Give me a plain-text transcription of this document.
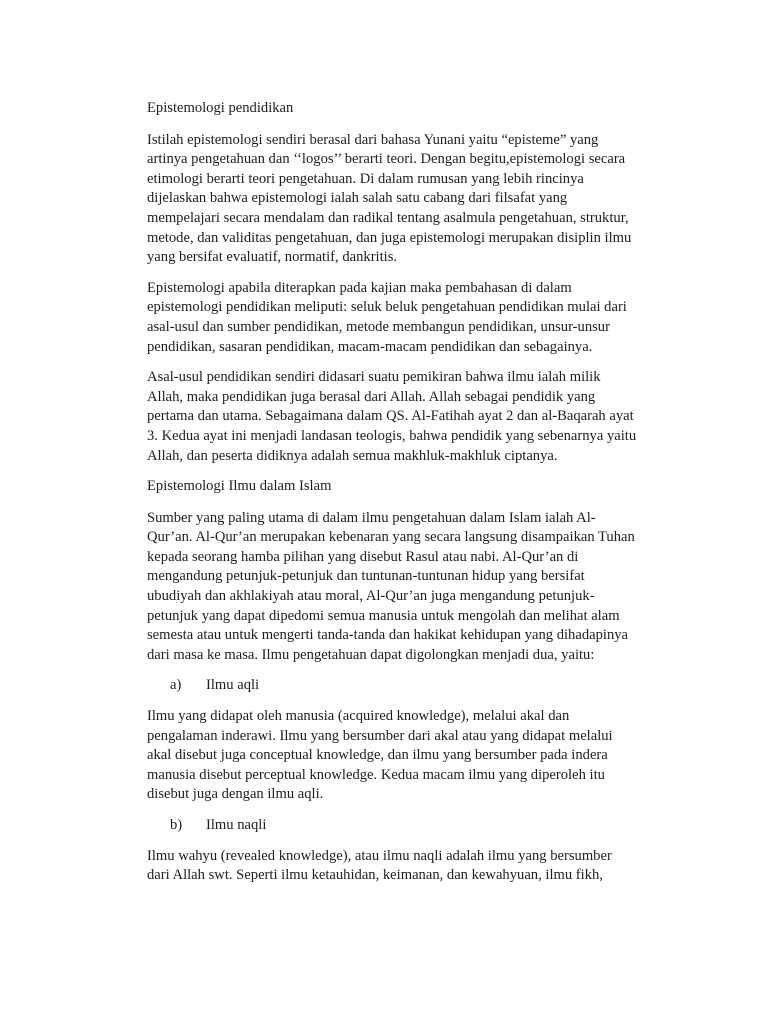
Epistemologi pendidikan

Istilah epistemologi sendiri berasal dari bahasa Yunani yaitu “episteme” yang artinya pengetahuan dan ‘‘logos’’ berarti teori. Dengan begitu,epistemologi secara etimologi berarti teori pengetahuan. Di dalam rumusan yang lebih rincinya dijelaskan bahwa epistemologi ialah salah satu cabang dari filsafat yang mempelajari secara mendalam dan radikal tentang asalmula pengetahuan, struktur, metode, dan validitas pengetahuan, dan juga epistemologi merupakan disiplin ilmu yang bersifat evaluatif, normatif, dankritis.

Epistemologi apabila diterapkan pada kajian maka pembahasan di dalam epistemologi pendidikan meliputi: seluk beluk pengetahuan pendidikan mulai dari asal-usul dan sumber pendidikan, metode membangun pendidikan, unsur-unsur pendidikan, sasaran pendidikan, macam-macam pendidikan dan sebagainya.

Asal-usul pendidikan sendiri didasari suatu pemikiran bahwa ilmu ialah milik Allah, maka pendidikan juga berasal dari Allah. Allah sebagai pendidik yang pertama dan utama. Sebagaimana dalam QS. Al-Fatihah ayat 2 dan al-Baqarah ayat 3. Kedua ayat ini menjadi landasan teologis, bahwa pendidik yang sebenarnya yaitu Allah, dan peserta didiknya adalah semua makhluk-makhluk ciptanya.

Epistemologi Ilmu dalam Islam

Sumber yang paling utama di dalam ilmu pengetahuan dalam Islam ialah Al-Qur’an. Al-Qur’an merupakan kebenaran yang secara langsung disampaikan Tuhan kepada seorang hamba pilihan yang disebut Rasul atau nabi. Al-Qur’an di mengandung petunjuk-petunjuk dan tuntunan-tuntunan hidup yang bersifat ubudiyah dan akhlakiyah atau moral, Al-Qur’an juga mengandung petunjuk-petunjuk yang dapat dipedomi semua manusia untuk mengolah dan melihat alam semesta atau untuk mengerti tanda-tanda dan hakikat kehidupan yang dihadapinya dari masa ke masa. Ilmu pengetahuan dapat digolongkan menjadi dua, yaitu:

a)	Ilmu aqli

Ilmu yang didapat oleh manusia (acquired knowledge), melalui akal dan pengalaman inderawi. Ilmu yang bersumber dari akal atau yang didapat melalui akal disebut juga conceptual knowledge, dan ilmu yang bersumber pada indera manusia disebut perceptual knowledge. Kedua macam ilmu yang diperoleh itu disebut juga dengan ilmu aqli.

b)	Ilmu naqli

Ilmu wahyu (revealed knowledge), atau ilmu naqli adalah ilmu yang bersumber dari Allah swt. Seperti ilmu ketauhidan, keimanan, dan kewahyuan, ilmu fikh,
